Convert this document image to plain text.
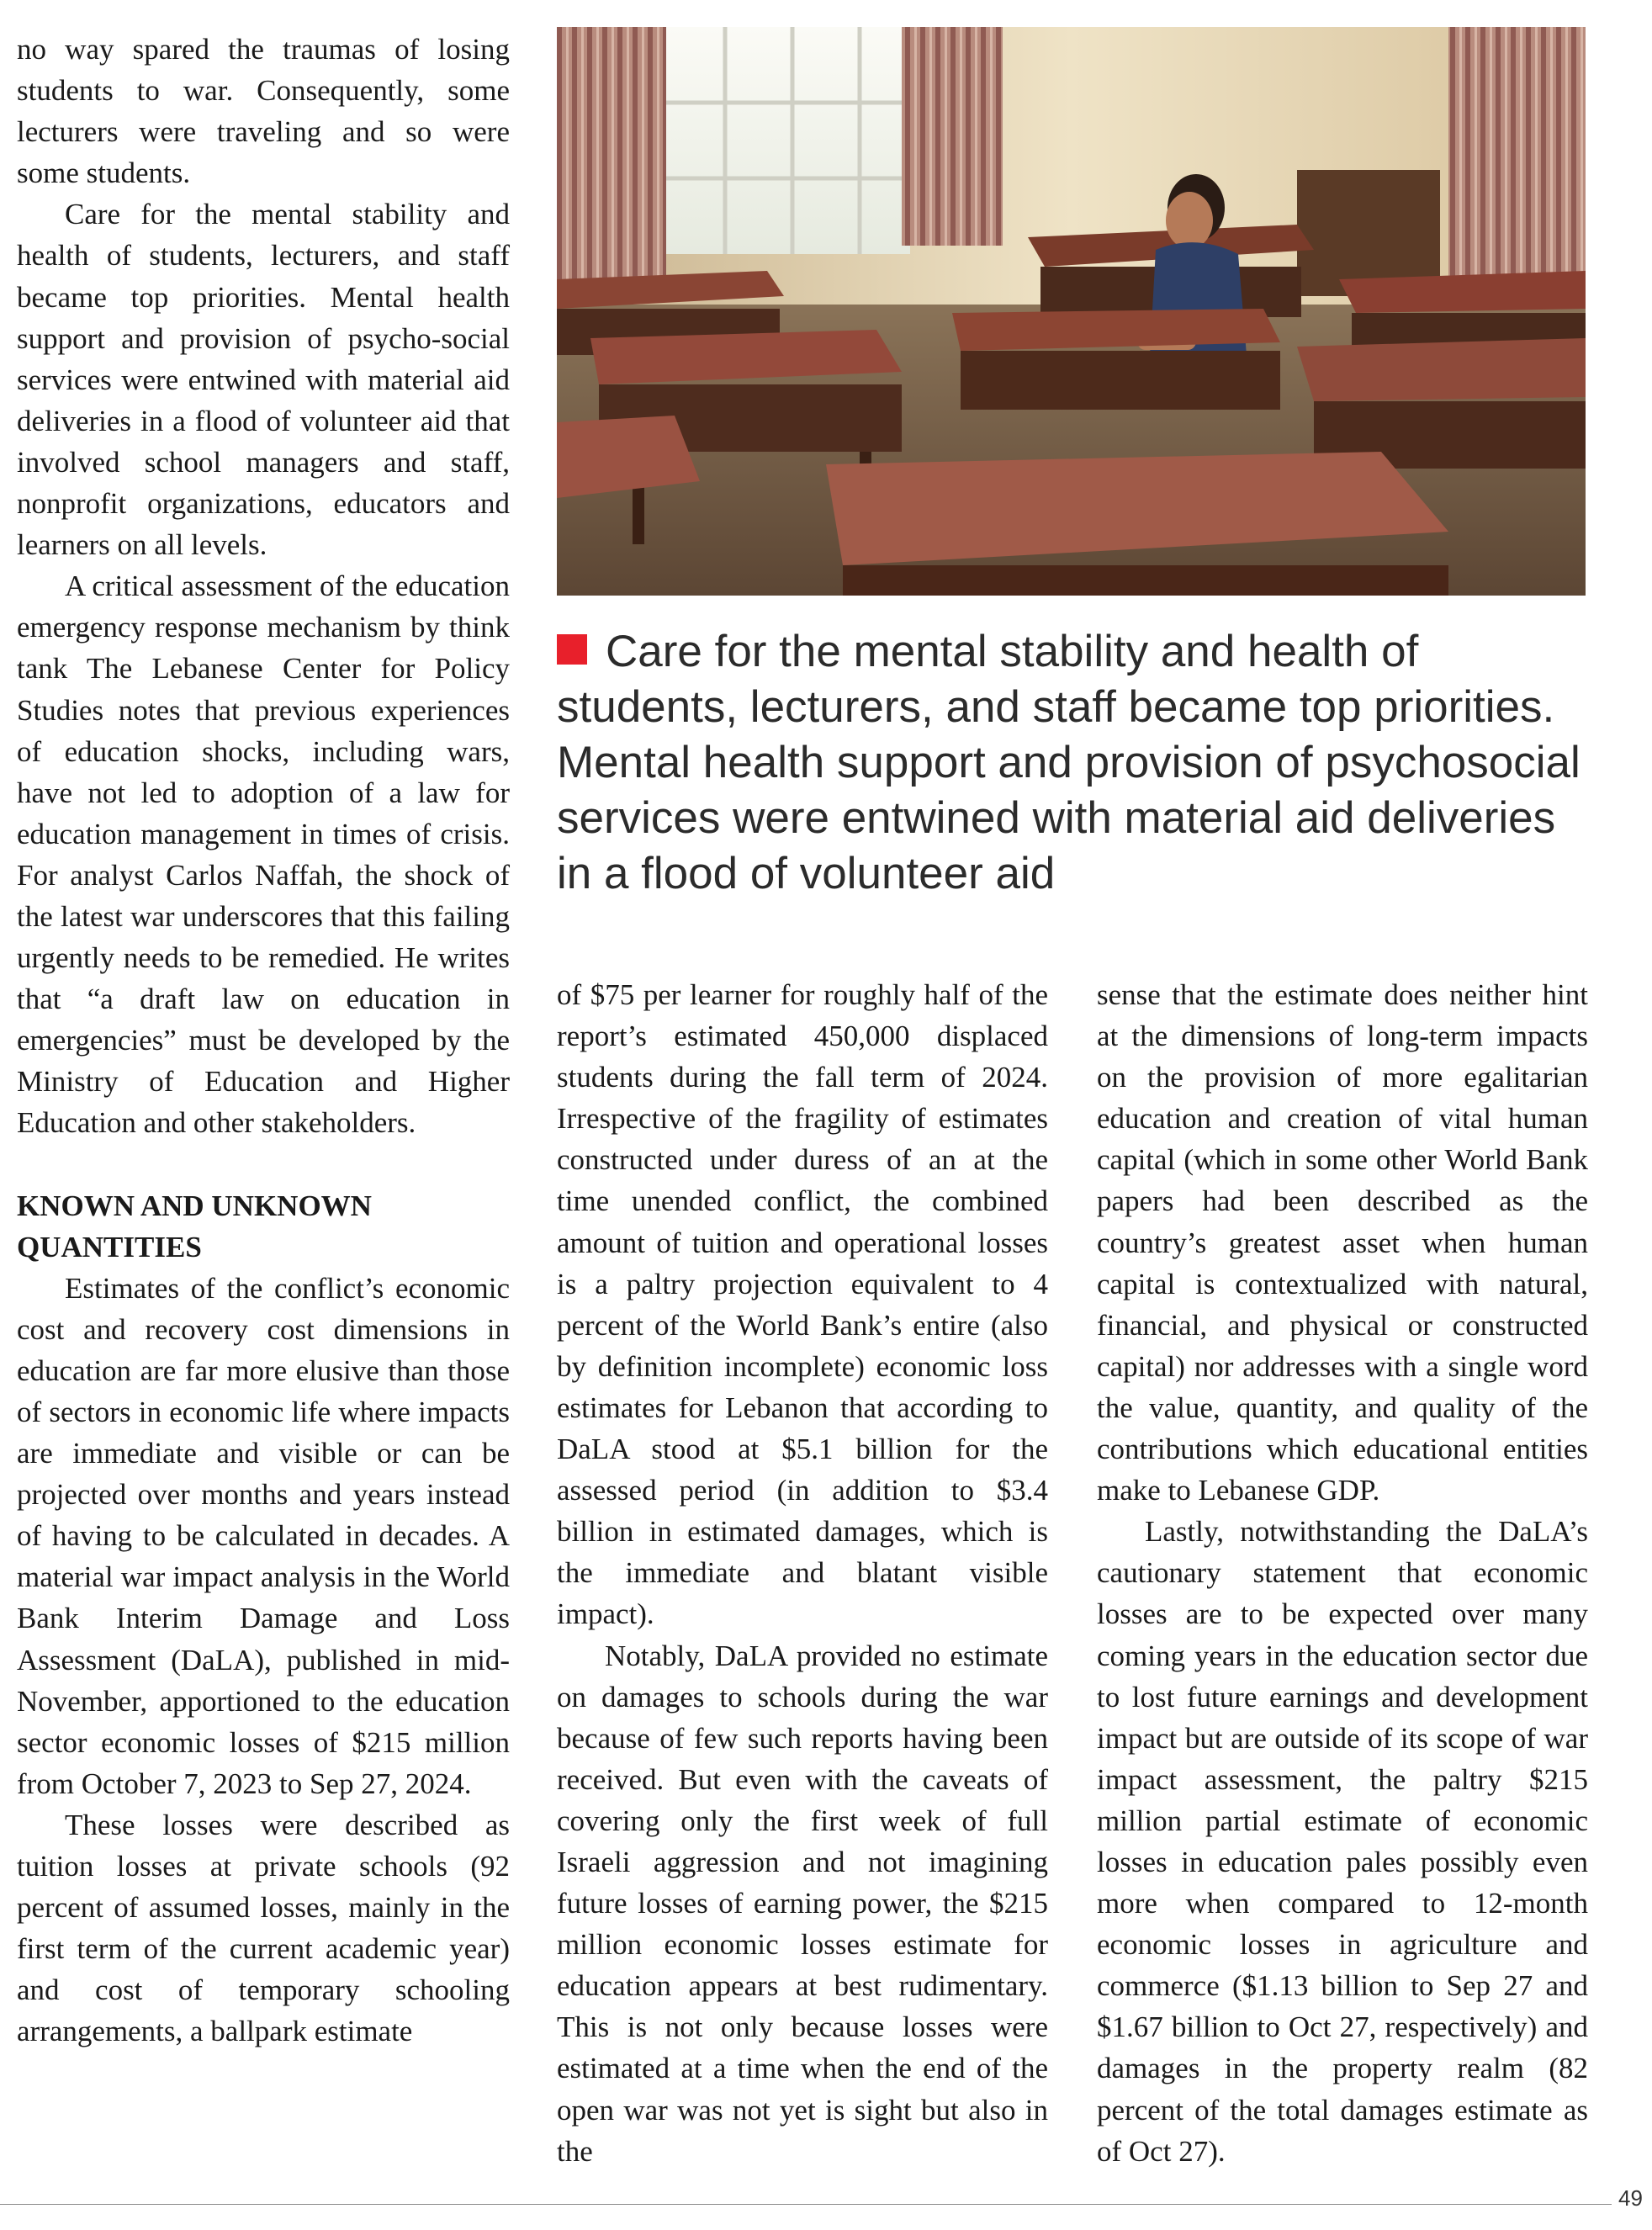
no way spared the traumas of losing students to war. Consequently, some lecturers were traveling and so were some students.

Care for the mental stability and health of students, lecturers, and staff became top priorities. Mental health support and provision of psycho-social services were entwined with material aid deliveries in a flood of volunteer aid that involved school managers and staff, nonprofit organizations, educators and learners on all levels.

A critical assessment of the education emergency response mechanism by think tank The Lebanese Center for Policy Studies notes that previous experiences of education shocks, including wars, have not led to adoption of a law for education management in times of crisis. For analyst Carlos Naffah, the shock of the latest war underscores that this failing urgently needs to be remedied. He writes that “a draft law on education in emergencies” must be developed by the Ministry of Education and Higher Education and other stakeholders.

KNOWN AND UNKNOWN QUANTITIES

Estimates of the conflict’s economic cost and recovery cost dimensions in education are far more elusive than those of sectors in economic life where impacts are immediate and visible or can be projected over months and years instead of having to be calculated in decades. A material war impact analysis in the World Bank Interim Damage and Loss Assessment (DaLA), published in mid-November, apportioned to the education sector economic losses of $215 million from October 7, 2023 to Sep 27, 2024.

These losses were described as tuition losses at private schools (92 percent of assumed losses, mainly in the first term of the current academic year) and cost of temporary schooling arrangements, a ballpark estimate

Care for the mental stability and health of students, lecturers, and staff became top priorities. Mental health support and provision of psychosocial services were entwined with material aid deliveries in a flood of volunteer aid

of $75 per learner for roughly half of the report’s estimated 450,000 displaced students during the fall term of 2024. Irrespective of the fragility of estimates constructed under duress of an at the time unended conflict, the combined amount of tuition and operational losses is a paltry projection equivalent to 4 percent of the World Bank’s entire (also by definition incomplete) economic loss estimates for Lebanon that according to DaLA stood at $5.1 billion for the assessed period (in addition to $3.4 billion in estimated damages, which is the immediate and blatant visible impact).

Notably, DaLA provided no estimate on damages to schools during the war because of few such reports having been received. But even with the caveats of covering only the first week of full Israeli aggression and not imagining future losses of earning power, the $215 million economic losses estimate for education appears at best rudimentary. This is not only because losses were estimated at a time when the end of the open war was not yet is sight but also in the

sense that the estimate does neither hint at the dimensions of long-term impacts on the provision of more egalitarian education and creation of vital human capital (which in some other World Bank papers had been described as the country’s greatest asset when human capital is contextualized with natural, financial, and physical or constructed capital) nor addresses with a single word the value, quantity, and quality of the contributions which educational entities make to Lebanese GDP.

Lastly, notwithstanding the DaLA’s cautionary statement that economic losses are to be expected over many coming years in the education sector due to lost future earnings and development impact but are outside of its scope of war impact assessment, the paltry $215 million partial estimate of economic losses in education pales possibly even more when compared to 12-month economic losses in agriculture and commerce ($1.13 billion to Sep 27 and $1.67 billion to Oct 27, respectively) and damages in the property realm (82 percent of the total damages estimate as of Oct 27).

49
